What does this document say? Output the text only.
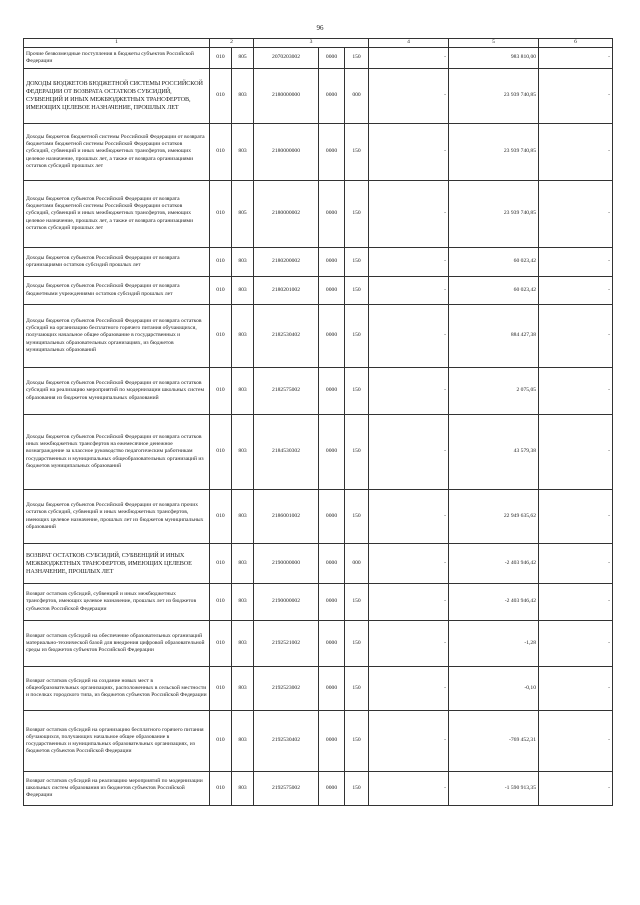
96
1	2		3			4	5	6
Прочие безвозмездные поступления в бюджеты субъектов Российской Федерации	010	805	2070203002	0000	150	-	983 810,00	-
ДОХОДЫ БЮДЖЕТОВ БЮДЖЕТНОЙ СИСТЕМЫ РОССИЙСКОЙ ФЕДЕРАЦИИ ОТ ВОЗВРАТА ОСТАТКОВ СУБСИДИЙ, СУБВЕНЦИЙ И ИНЫХ МЕЖБЮДЖЕТНЫХ ТРАНСФЕРТОВ, ИМЕЮЩИХ ЦЕЛЕВОЕ НАЗНАЧЕНИЕ, ПРОШЛЫХ ЛЕТ	010	803	2180000000	0000	000	-	23 939 740,85	-
Доходы бюджетов бюджетной системы Российской Федерации от возврата бюджетами бюджетной системы Российской Федерации остатков субсидий, субвенций и иных межбюджетных трансфертов, имеющих целевое назначение, прошлых лет, а также от возврата организациями остатков субсидий прошлых лет	010	803	2180000000	0000	150	-	23 939 740,85	-
Доходы бюджетов субъектов Российской Федерации от возврата бюджетами бюджетной системы Российской Федерации остатков субсидий, субвенций и иных межбюджетных трансфертов, имеющих целевое назначение, прошлых лет, а также от возврата организациями остатков субсидий прошлых лет	010	805	2180000002	0000	150	-	23 939 740,85	-
Доходы бюджетов субъектов Российской Федерации от возврата организациями остатков субсидий прошлых лет	010	803	2180200002	0000	150	-	60 023,42	-
Доходы бюджетов субъектов Российской Федерации от возврата бюджетными учреждениями остатков субсидий прошлых лет	010	803	2180201002	0000	150	-	60 023,42	-
Доходы бюджетов субъектов Российской Федерации от возврата остатков субсидий на организацию бесплатного горячего питания обучающихся, получающих начальное общее образование в государственных и муниципальных образовательных организациях, из бюджетов муниципальных образований	010	803	2182530402	0000	150	-	884 427,38	-
Доходы бюджетов субъектов Российской Федерации от возврата остатков субсидий на реализацию мероприятий по модернизации школьных систем образования из бюджетов муниципальных образований	010	803	2182575002	0000	150	-	2 075,05	-
Доходы бюджетов субъектов Российской Федерации от возврата остатков иных межбюджетных трансфертов на ежемесячное денежное вознаграждение за классное руководство педагогическим работникам государственных и муниципальных общеобразовательных организаций из бюджетов муниципальных образований	010	803	2184530302	0000	150	-	43 579,38	-
Доходы бюджетов субъектов Российской Федерации от возврата прочих остатков субсидий, субвенций и иных межбюджетных трансфертов, имеющих целевое назначение, прошлых лет из бюджетов муниципальных образований	010	803	2186001002	0000	150	-	22 949 635,62	-
ВОЗВРАТ ОСТАТКОВ СУБСИДИЙ, СУБВЕНЦИЙ И ИНЫХ МЕЖБЮДЖЕТНЫХ ТРАНСФЕРТОВ, ИМЕЮЩИХ ЦЕЛЕВОЕ НАЗНАЧЕНИЕ, ПРОШЛЫХ ЛЕТ	010	803	2190000000	0000	000	-	-2 403 946,42	-
Возврат остатков субсидий, субвенций и иных межбюджетных трансфертов, имеющих целевое назначение, прошлых лет из бюджетов субъектов Российской Федерации	010	803	2190000002	0000	150	-	-2 403 946,42	-
Возврат остатков субсидий на обеспечение образовательных организаций материально-технической базой для внедрения цифровой образовательной среды из бюджетов субъектов Российской Федерации	010	803	2192521002	0000	150	-	-1,28	-
Возврат остатков субсидий на создание новых мест в общеобразовательных организациях, расположенных в сельской местности и поселках городского типа, из бюджетов субъектов Российской Федерации	010	803	2192523002	0000	150	-	-0,10	-
Возврат остатков субсидий на организацию бесплатного горячего питания обучающихся, получающих начальное общее образование в государственных и муниципальных образовательных организациях, из бюджетов субъектов Российской Федерации	010	803	2192530402	0000	150	-	-769 452,31	-
Возврат остатков субсидий на реализацию мероприятий по модернизации школьных систем образования из бюджетов субъектов Российской Федерации	010	803	2192575002	0000	150	-	-1 590 913,35	-
